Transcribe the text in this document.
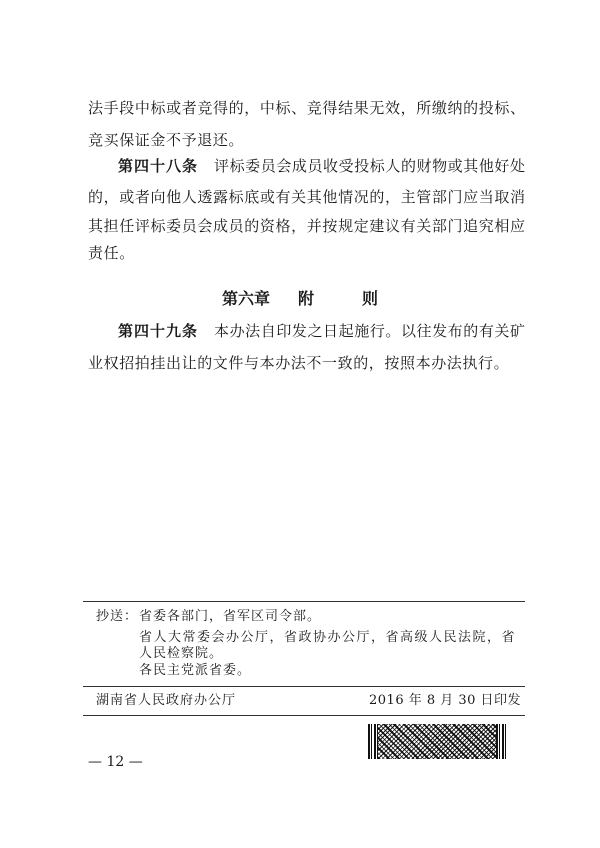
法手段中标或者竞得的，中标、竞得结果无效，所缴纳的投标、
竞买保证金不予退还。
第四十八条 评标委员会成员收受投标人的财物或其他好处
的，或者向他人透露标底或有关其他情况的，主管部门应当取消
其担任评标委员会成员的资格，并按规定建议有关部门追究相应
责任。
第六章 附	则
第四十九条 本办法自印发之日起施行。以往发布的有关矿
业权招拍挂出让的文件与本办法不一致的，按照本办法执行。
抄送： 省委各部门，省军区司令部。
省人大常委会办公厅，省政协办公厅，省高级人民法院，省
人民检察院。
各民主党派省委。
湖南省人民政府办公厅	2016 年 8 月 30 日印发
— 12 —
